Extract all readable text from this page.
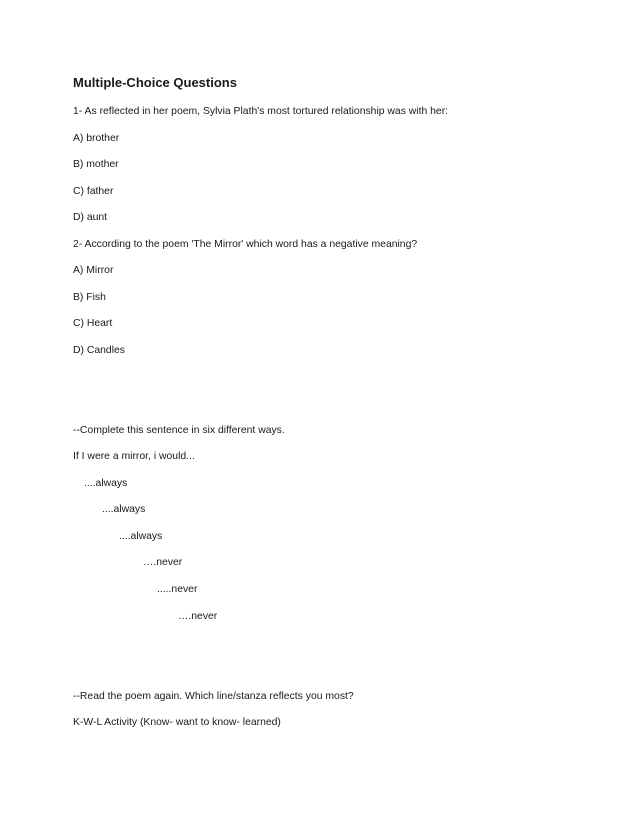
Multiple-Choice Questions
1- As reflected in her poem, Sylvia Plath's most tortured relationship was with her:
A) brother
B) mother
C) father
D) aunt
2- According to the poem 'The Mirror' which word has a negative meaning?
A) Mirror
B) Fish
C) Heart
D) Candles
--Complete this sentence in six different ways.
If I were a mirror, i would...
....always
....always
....always
….never
.....never
….never
--Read the poem again. Which line/stanza reflects you most?
K-W-L Activity (Know- want to know- learned)
